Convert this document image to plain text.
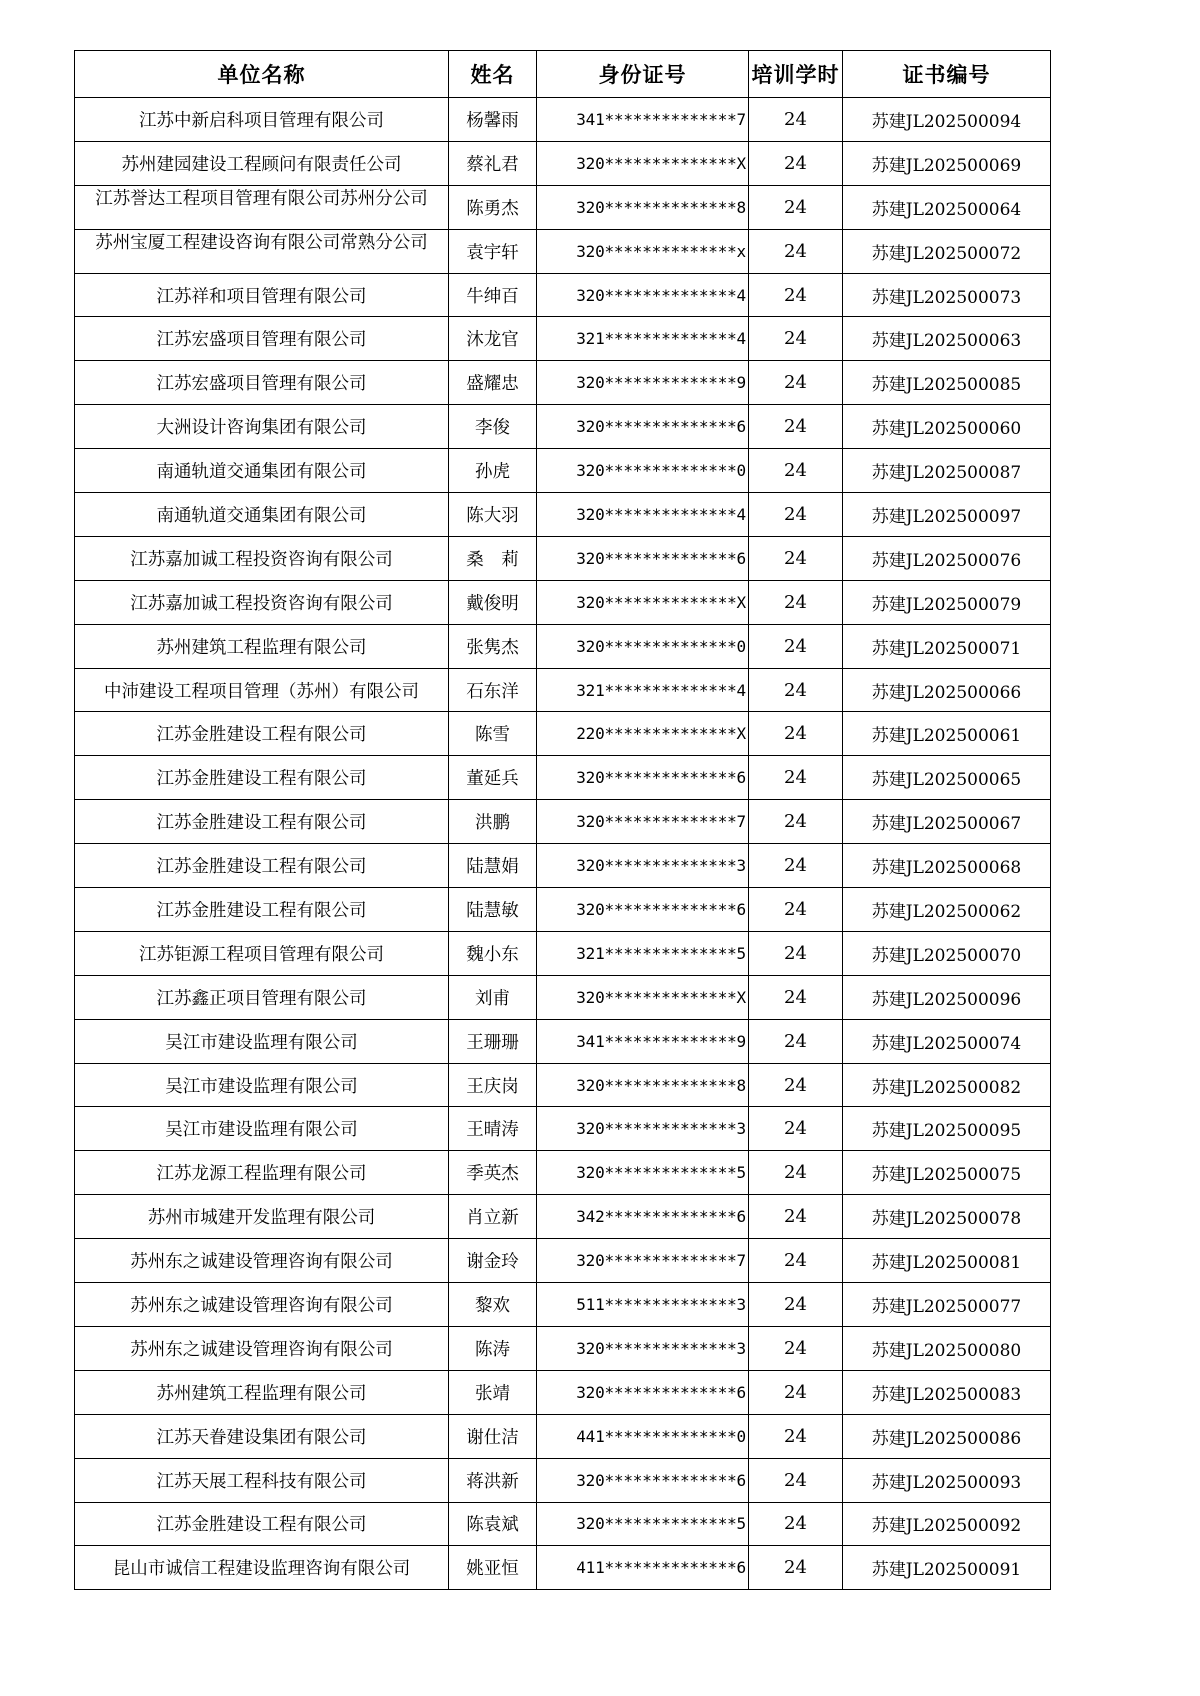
单位名称	姓名	身份证号	培训学时	证书编号
江苏中新启科项目管理有限公司	杨馨雨	341**************7	24	苏建JL202500094
苏州建园建设工程顾问有限责任公司	蔡礼君	320**************X	24	苏建JL202500069
江苏誉达工程项目管理有限公司苏州分公司	陈勇杰	320**************8	24	苏建JL202500064
苏州宝厦工程建设咨询有限公司常熟分公司	袁宇轩	320**************x	24	苏建JL202500072
江苏祥和项目管理有限公司	牛绅百	320**************4	24	苏建JL202500073
江苏宏盛项目管理有限公司	沐龙官	321**************4	24	苏建JL202500063
江苏宏盛项目管理有限公司	盛耀忠	320**************9	24	苏建JL202500085
大洲设计咨询集团有限公司	李俊	320**************6	24	苏建JL202500060
南通轨道交通集团有限公司	孙虎	320**************0	24	苏建JL202500087
南通轨道交通集团有限公司	陈大羽	320**************4	24	苏建JL202500097
江苏嘉加诚工程投资咨询有限公司	桑　莉	320**************6	24	苏建JL202500076
江苏嘉加诚工程投资咨询有限公司	戴俊明	320**************X	24	苏建JL202500079
苏州建筑工程监理有限公司	张隽杰	320**************0	24	苏建JL202500071
中沛建设工程项目管理（苏州）有限公司	石东洋	321**************4	24	苏建JL202500066
江苏金胜建设工程有限公司	陈雪	220**************X	24	苏建JL202500061
江苏金胜建设工程有限公司	董延兵	320**************6	24	苏建JL202500065
江苏金胜建设工程有限公司	洪鹏	320**************7	24	苏建JL202500067
江苏金胜建设工程有限公司	陆慧娟	320**************3	24	苏建JL202500068
江苏金胜建设工程有限公司	陆慧敏	320**************6	24	苏建JL202500062
江苏钜源工程项目管理有限公司	魏小东	321**************5	24	苏建JL202500070
江苏鑫正项目管理有限公司	刘甫	320**************X	24	苏建JL202500096
吴江市建设监理有限公司	王珊珊	341**************9	24	苏建JL202500074
吴江市建设监理有限公司	王庆岗	320**************8	24	苏建JL202500082
吴江市建设监理有限公司	王晴涛	320**************3	24	苏建JL202500095
江苏龙源工程监理有限公司	季英杰	320**************5	24	苏建JL202500075
苏州市城建开发监理有限公司	肖立新	342**************6	24	苏建JL202500078
苏州东之诚建设管理咨询有限公司	谢金玲	320**************7	24	苏建JL202500081
苏州东之诚建设管理咨询有限公司	黎欢	511**************3	24	苏建JL202500077
苏州东之诚建设管理咨询有限公司	陈涛	320**************3	24	苏建JL202500080
苏州建筑工程监理有限公司	张靖	320**************6	24	苏建JL202500083
江苏天眷建设集团有限公司	谢仕洁	441**************0	24	苏建JL202500086
江苏天展工程科技有限公司	蒋洪新	320**************6	24	苏建JL202500093
江苏金胜建设工程有限公司	陈袁斌	320**************5	24	苏建JL202500092
昆山市诚信工程建设监理咨询有限公司	姚亚恒	411**************6	24	苏建JL202500091
